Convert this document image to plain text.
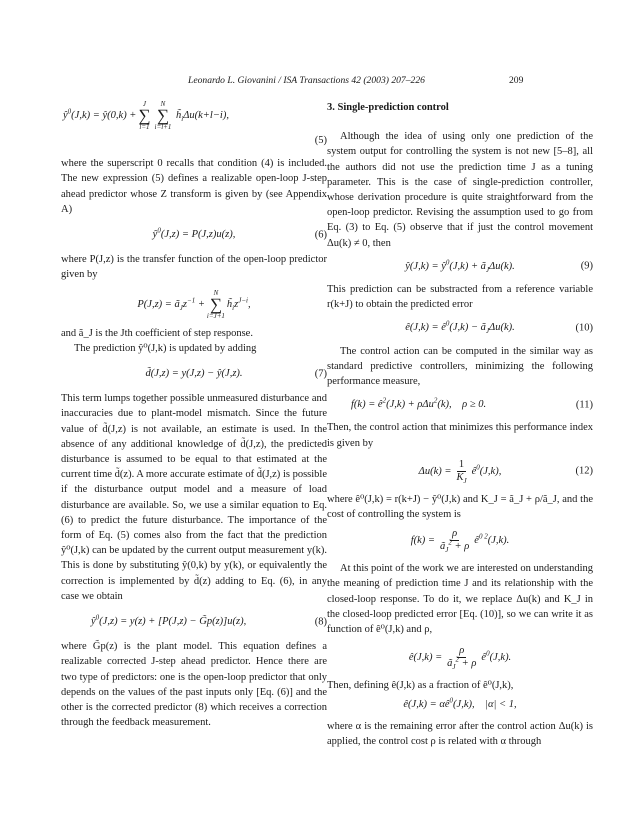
Leonardo L. Giovanini / ISA Transactions 42 (2003) 207–226	209
$ŷ^0(J,k)$ = ŷ(0,k) +
J
∑
l=1
N
∑
i=l+1
$h̃_i\Delta u(k+l-i)$,
(5)

where the superscript 0 recalls that condition (4) is included. The new expression (5) defines a realizable open-loop J-step ahead predictor whose Z transform is given by (see Appendix A)

$ŷ^0(J,z) = P(J,z)u(z)$,	(6)

where P(J,z) is the transfer function of the open-loop predictor given by

$P(J,z) = ã_Jz^{-1}$ +
N
∑
i=J+1
$h̃_iz^{J-i}$,

and ã_J is the Jth coefficient of step response.

The prediction ŷ⁰(J,k) is updated by adding

d̃(J,z) = y(J,z) − ŷ(J,z).	(7)

This term lumps together possible unmeasured disturbance and inaccuracies due to plant-model mismatch. Since the future value of d̃(J,z) is not available, an estimate is used. In the absence of any additional knowledge of d̃(J,z), the predicted disturbance is assumed to be equal to that estimated at the current time d̃(z). A more accurate estimate of d̃(J,z) is possible if the disturbance output model and a measure of load disturbance are available. So, we use a similar equation to Eq. (6) to predict the future disturbance. The importance of the form of Eq. (5) comes also from the fact that the prediction ŷ⁰(J,k) can be updated by the current output measurement y(k). This is done by substituting ŷ(0,k) by y(k), or equivalently the correction is implemented by d̃(z) adding to Eq. (6), in any case we obtain

$ŷ^0(J,z) = y(z) + [P(J,z)$ − G̃p(z)]u(z),	(8)

where G̃p(z) is the plant model. This equation defines a realizable corrected J-step ahead predictor. Hence there are two type of predictors: one is the open-loop predictor that only depends on the values of the past inputs only [Eq. (6)] and the other is the corrected predictor (8) which receives a correction through the feedback measurement.

3. Single-prediction control

Although the idea of using only one prediction of the system output for controlling the system is not new [5–8], all the authors did not use the prediction time J as a tuning parameter. This is the case of single-prediction controller, whose derivation procedure is quite straightforward from the open-loop predictor. Revising the assumption used to go from Eq. (3) to Eq. (5) observe that if just the control movement Δu(k) ≠ 0, then

ŷ(J,k) = $ŷ^0(J,k)$ + $ã_J\Delta u(k)$.	(9)

This prediction can be substracted from a reference variable r(k+J) to obtain the predicted error

ê(J,k) = $ê^0(J,k)$ − $ã_J\Delta u(k)$.	(10)

The control action can be computed in the similar way as standard predictive controllers, minimizing the following performance measure,

$f(k) = ê^2(J,k) + \rho\Delta u^2(k)$,    ρ ≥ 0.	(11)

Then, the control action that minimizes this performance index is given by

$\Delta u(k) = \frac{1}{K_J}$ $ê^0(J,k)$,	(12)

where ê⁰(J,k) = r(k+J) − ŷ⁰(J,k) and K_J = ã_J + ρ/ã_J, and the cost of controlling the system is

$f(k) = \frac{\rho}{ã_J^2 + \rho}$ $ê^{0 2}(J,k)$.

At this point of the work we are interested on understanding the meaning of prediction time J and its relationship with the closed-loop response. To do it, we replace Δu(k) and K_J in the closed-loop predicted error [Eq. (10)], so we can write it as function of ê⁰(J,k) and ρ,

ê(J,k) = $\frac{\rho}{ã_J^2 + \rho}$ $ê^0(J,k)$.

Then, defining ê(J,k) as a fraction of ê⁰(J,k),

ê(J,k) = $\alpha ê^0(J,k)$,    |α| < 1,

where α is the remaining error after the control action Δu(k) is applied, the control cost ρ is related with α through
